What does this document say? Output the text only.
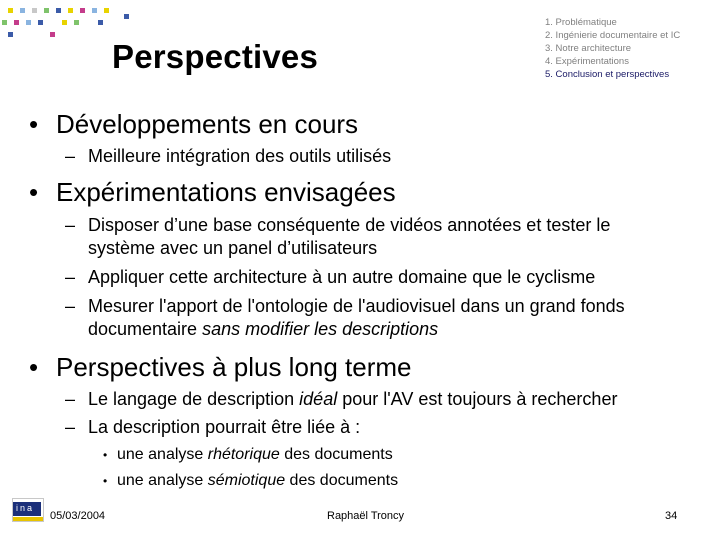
Perspectives
1. Problématique
2. Ingénierie documentaire et IC
3. Notre architecture
4. Expérimentations
5. Conclusion et perspectives
• Développements en cours
– Meilleure intégration des outils utilisés
• Expérimentations envisagées
– Disposer d’une base conséquente de vidéos annotées et tester le
système avec un panel d’utilisateurs
– Appliquer cette architecture à un autre domaine que le cyclisme
– Mesurer l'apport de l'ontologie de l'audiovisuel dans un grand fonds
documentaire sans modifier les descriptions
• Perspectives à plus long terme
– Le langage de description idéal pour l'AV est toujours à rechercher
– La description pourrait être liée à :
• une analyse rhétorique des documents
• une analyse sémiotique des documents
ina
05/03/2004	Raphaël Troncy	34
